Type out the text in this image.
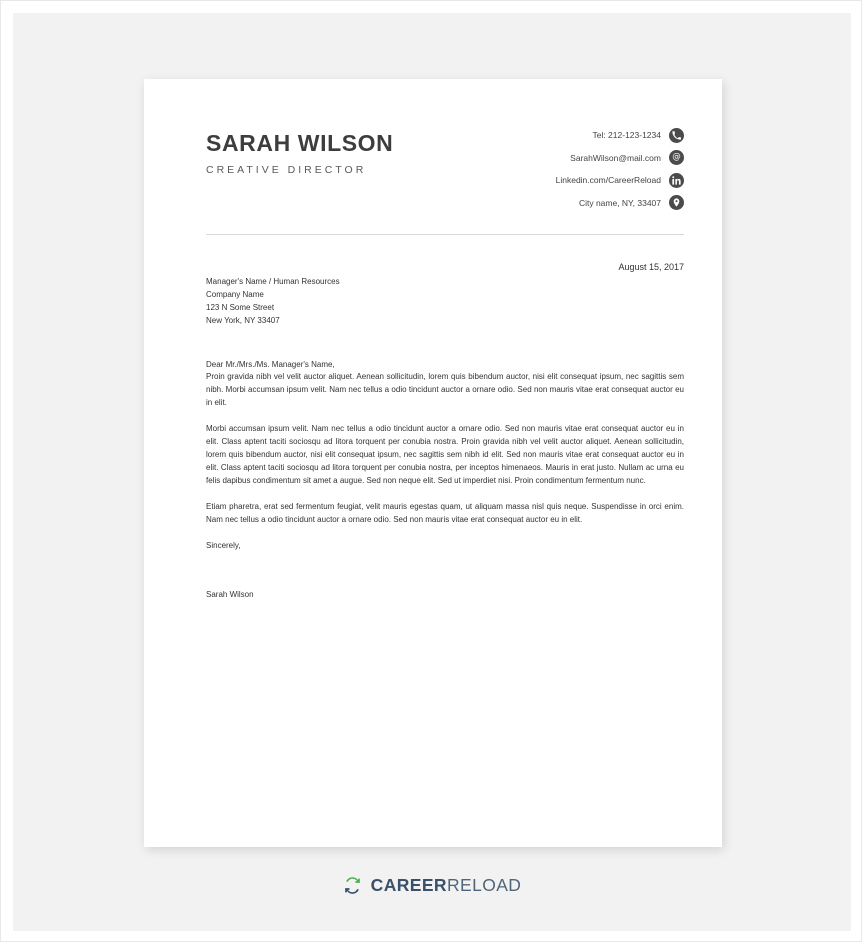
SARAH WILSON
CREATIVE DIRECTOR
Tel: 212-123-1234
SarahWilson@mail.com @
Linkedin.com/CareerReload
City name, NY, 33407
August 15, 2017
Manager's Name / Human Resources
Company Name
123 N Some Street
New York, NY 33407
Dear Mr./Mrs./Ms. Manager's Name,

Proin gravida nibh vel velit auctor aliquet. Aenean sollicitudin, lorem quis bibendum auctor, nisi elit consequat ipsum, nec sagittis sem nibh. Morbi accumsan ipsum velit. Nam nec tellus a odio tincidunt auctor a ornare odio. Sed non mauris vitae erat consequat auctor eu in elit.

Morbi accumsan ipsum velit. Nam nec tellus a odio tincidunt auctor a ornare odio. Sed non mauris vitae erat consequat auctor eu in elit. Class aptent taciti sociosqu ad litora torquent per conubia nostra. Proin gravida nibh vel velit auctor aliquet. Aenean sollicitudin, lorem quis bibendum auctor, nisi elit consequat ipsum, nec sagittis sem nibh id elit. Sed non mauris vitae erat consequat auctor eu in elit. Class aptent taciti sociosqu ad litora torquent per conubia nostra, per inceptos himenaeos. Mauris in erat justo. Nullam ac urna eu felis dapibus condimentum sit amet a augue. Sed non neque elit. Sed ut imperdiet nisi. Proin condimentum fermentum nunc.

Etiam pharetra, erat sed fermentum feugiat, velit mauris egestas quam, ut aliquam massa nisl quis neque. Suspendisse in orci enim. Nam nec tellus a odio tincidunt auctor a ornare odio. Sed non mauris vitae erat consequat auctor eu in elit.

Sincerely,
Sarah Wilson
CAREERRELOAD
